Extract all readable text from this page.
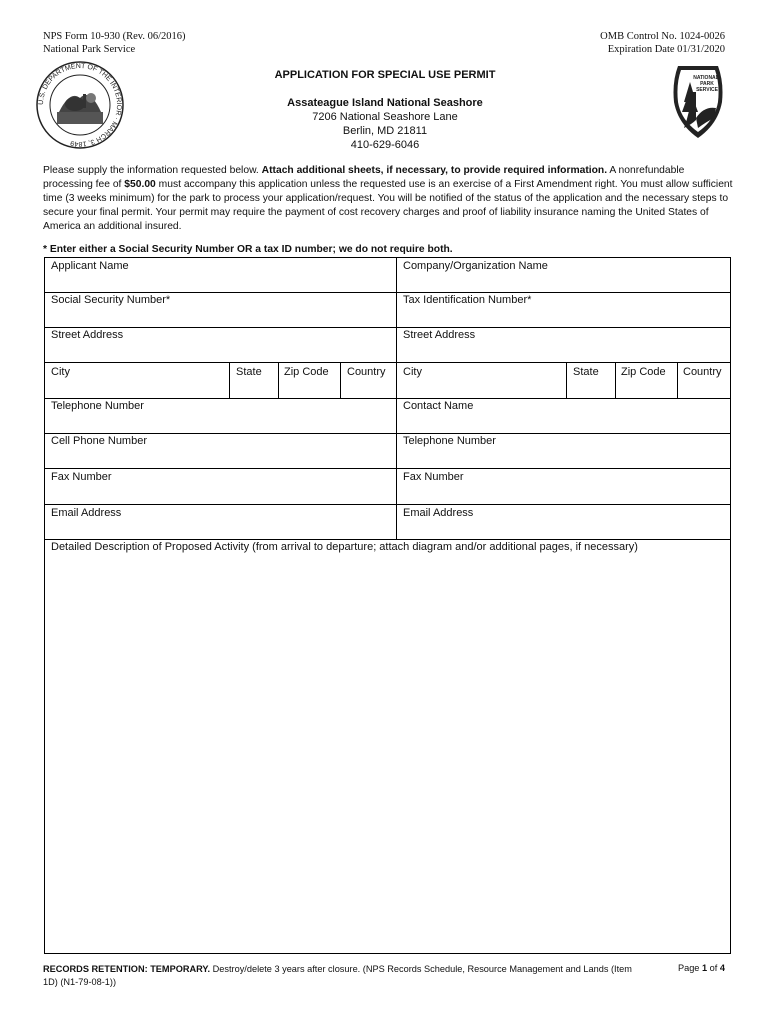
NPS Form 10-930 (Rev. 06/2016)
National Park Service
OMB Control No. 1024-0026
Expiration Date 01/31/2020
U.S. DEPARTMENT OF THE INTERIOR · MARCH 3, 1849
NATIONAL
PARK
SERVICE
APPLICATION FOR SPECIAL USE PERMIT
Assateague Island National Seashore
7206 National Seashore Lane
Berlin, MD 21811
410-629-6046
Please supply the information requested below. Attach additional sheets, if necessary, to provide required information. A nonrefundable processing fee of $50.00 must accompany this application unless the requested use is an exercise of a First Amendment right. You must allow sufficient time (3 weeks minimum) for the park to process your application/request. You will be notified of the status of the application and the necessary steps to secure your final permit. Your permit may require the payment of cost recovery charges and proof of liability insurance naming the United States of America an additional insured.
* Enter either a Social Security Number OR a tax ID number; we do not require both.
Applicant Name	Company/Organization Name
Social Security Number*	Tax Identification Number*
Street Address	Street Address
City	State	Zip Code	Country	City	State	Zip Code	Country
Telephone Number	Contact Name
Cell Phone Number	Telephone Number
Fax Number	Fax Number
Email Address	Email Address
Detailed Description of Proposed Activity (from arrival to departure; attach diagram and/or additional pages, if necessary)
RECORDS RETENTION: TEMPORARY. Destroy/delete 3 years after closure. (NPS Records Schedule, Resource Management and Lands (Item 1D) (N1-79-08-1))
Page 1 of 4
